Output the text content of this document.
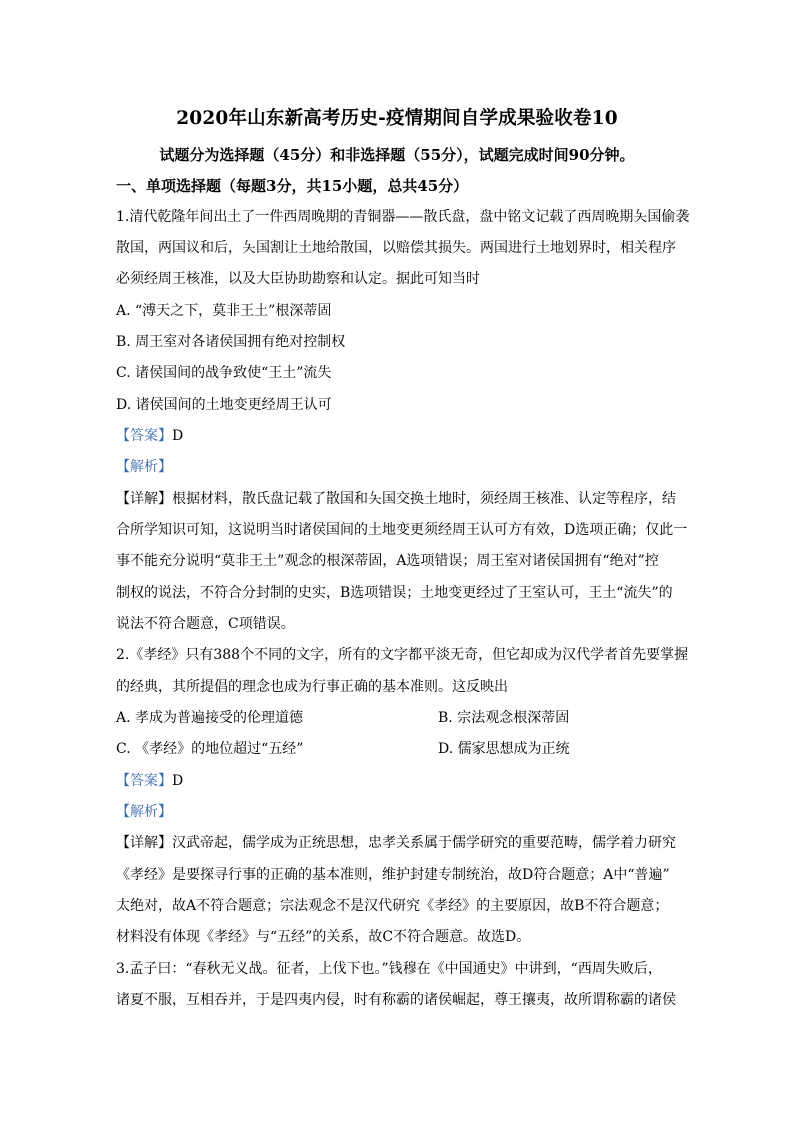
2020年山东新高考历史-疫情期间自学成果验收卷10
试题分为选择题（45分）和非选择题（55分），试题完成时间90分钟。
一、单项选择题（每题3分，共15小题，总共45分）
1.清代乾隆年间出土了一件西周晚期的青铜器——散氏盘，盘中铭文记载了西周晚期夨国偷袭
散国，两国议和后，夨国割让土地给散国，以赔偿其损失。两国进行土地划界时，相关程序
必须经周王核准，以及大臣协助勘察和认定。据此可知当时
A. “溥天之下，莫非王土”根深蒂固
B. 周王室对各诸侯国拥有绝对控制权
C. 诸侯国间的战争致使“王土”流失
D. 诸侯国间的土地变更经周王认可
【答案】D
【解析】
【详解】根据材料，散氏盘记载了散国和夨国交换土地时，须经周王核准、认定等程序，结
合所学知识可知，这说明当时诸侯国间的土地变更须经周王认可方有效，D选项正确；仅此一
事不能充分说明“莫非王土”观念的根深蒂固，A选项错误；周王室对诸侯国拥有“绝对”控
制权的说法，不符合分封制的史实，B选项错误；土地变更经过了王室认可，王土“流失”的
说法不符合题意，C项错误。
2.《孝经》只有388个不同的文字，所有的文字都平淡无奇，但它却成为汉代学者首先要掌握
的经典，其所提倡的理念也成为行事正确的基本准则。这反映出
A. 孝成为普遍接受的伦理道德	B. 宗法观念根深蒂固
C. 《孝经》的地位超过“五经”	D. 儒家思想成为正统
【答案】D
【解析】
【详解】汉武帝起，儒学成为正统思想，忠孝关系属于儒学研究的重要范畴，儒学着力研究
《孝经》是要探寻行事的正确的基本准则，维护封建专制统治，故D符合题意；A中“普遍”
太绝对，故A不符合题意；宗法观念不是汉代研究《孝经》的主要原因，故B不符合题意；
材料没有体现《孝经》与“五经”的关系，故C不符合题意。故选D。
3.孟子曰：“春秋无义战。征者，上伐下也。”钱穆在《中国通史》中讲到，“西周失败后，
诸夏不服，互相吞并，于是四夷内侵，时有称霸的诸侯崛起，尊王攘夷，故所谓称霸的诸侯
